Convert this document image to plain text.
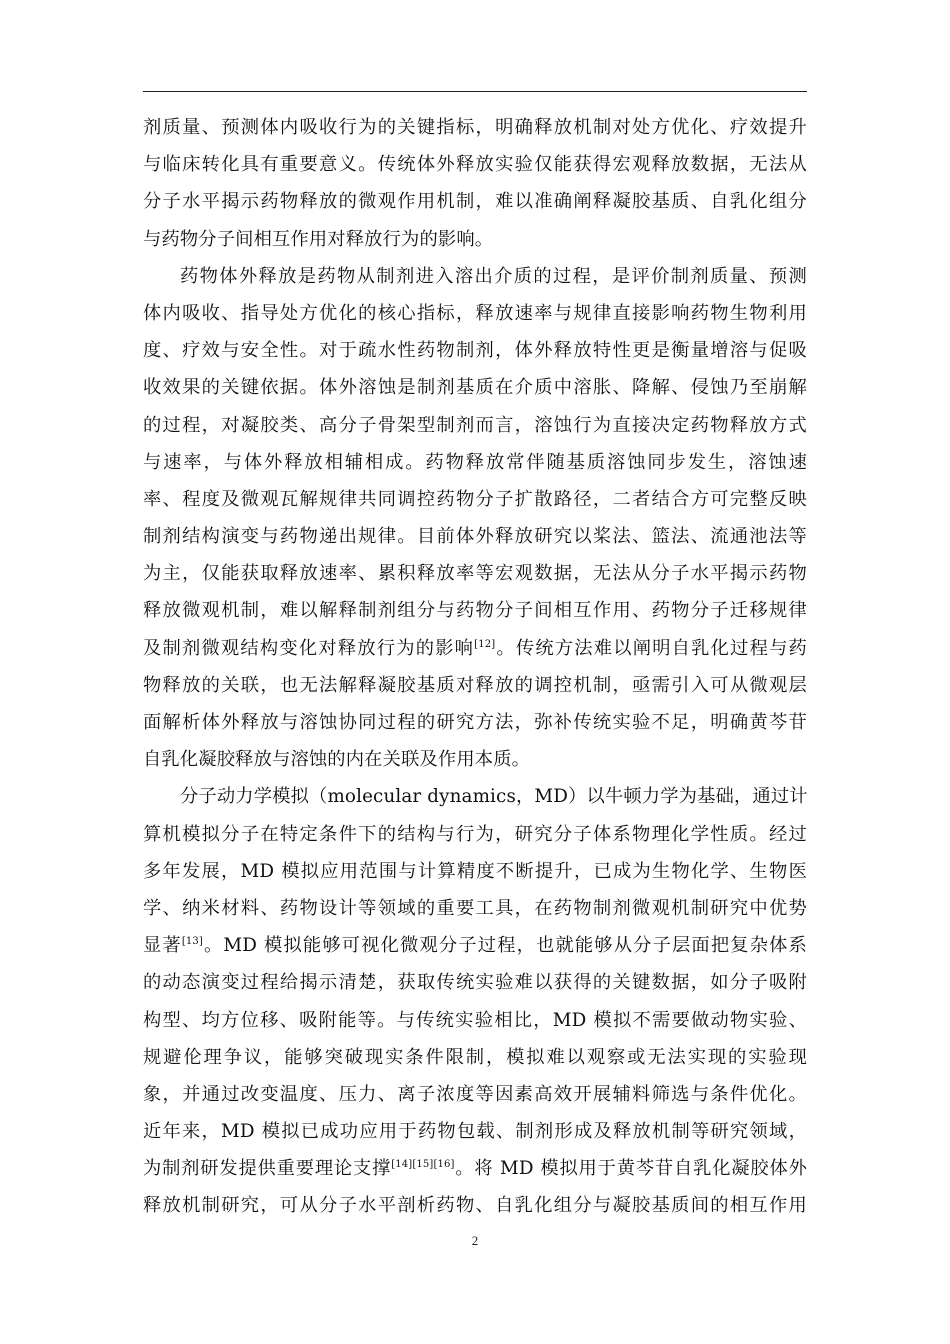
剂质量、预测体内吸收行为的关键指标，明确释放机制对处方优化、疗效提升
与临床转化具有重要意义。传统体外释放实验仅能获得宏观释放数据，无法从
分子水平揭示药物释放的微观作用机制，难以准确阐释凝胶基质、自乳化组分
与药物分子间相互作用对释放行为的影响。
药物体外释放是药物从制剂进入溶出介质的过程，是评价制剂质量、预测
体内吸收、指导处方优化的核心指标，释放速率与规律直接影响药物生物利用
度、疗效与安全性。对于疏水性药物制剂，体外释放特性更是衡量增溶与促吸
收效果的关键依据。体外溶蚀是制剂基质在介质中溶胀、降解、侵蚀乃至崩解
的过程，对凝胶类、高分子骨架型制剂而言，溶蚀行为直接决定药物释放方式
与速率，与体外释放相辅相成。药物释放常伴随基质溶蚀同步发生，溶蚀速
率、程度及微观瓦解规律共同调控药物分子扩散路径，二者结合方可完整反映
制剂结构演变与药物递出规律。目前体外释放研究以桨法、篮法、流通池法等
为主，仅能获取释放速率、累积释放率等宏观数据，无法从分子水平揭示药物
释放微观机制，难以解释制剂组分与药物分子间相互作用、药物分子迁移规律
及制剂微观结构变化对释放行为的影响[12]。传统方法难以阐明自乳化过程与药
物释放的关联，也无法解释凝胶基质对释放的调控机制，亟需引入可从微观层
面解析体外释放与溶蚀协同过程的研究方法，弥补传统实验不足，明确黄芩苷
自乳化凝胶释放与溶蚀的内在关联及作用本质。
分子动力学模拟（molecular dynamics，MD）以牛顿力学为基础，通过计
算机模拟分子在特定条件下的结构与行为，研究分子体系物理化学性质。经过
多年发展，MD 模拟应用范围与计算精度不断提升，已成为生物化学、生物医
学、纳米材料、药物设计等领域的重要工具，在药物制剂微观机制研究中优势
显著[13]。MD 模拟能够可视化微观分子过程，也就能够从分子层面把复杂体系
的动态演变过程给揭示清楚，获取传统实验难以获得的关键数据，如分子吸附
构型、均方位移、吸附能等。与传统实验相比，MD 模拟不需要做动物实验、
规避伦理争议，能够突破现实条件限制，模拟难以观察或无法实现的实验现
象，并通过改变温度、压力、离子浓度等因素高效开展辅料筛选与条件优化。
近年来，MD 模拟已成功应用于药物包载、制剂形成及释放机制等研究领域，
为制剂研发提供重要理论支撑[14][15][16]。将 MD 模拟用于黄芩苷自乳化凝胶体外
释放机制研究，可从分子水平剖析药物、自乳化组分与凝胶基质间的相互作用
2
